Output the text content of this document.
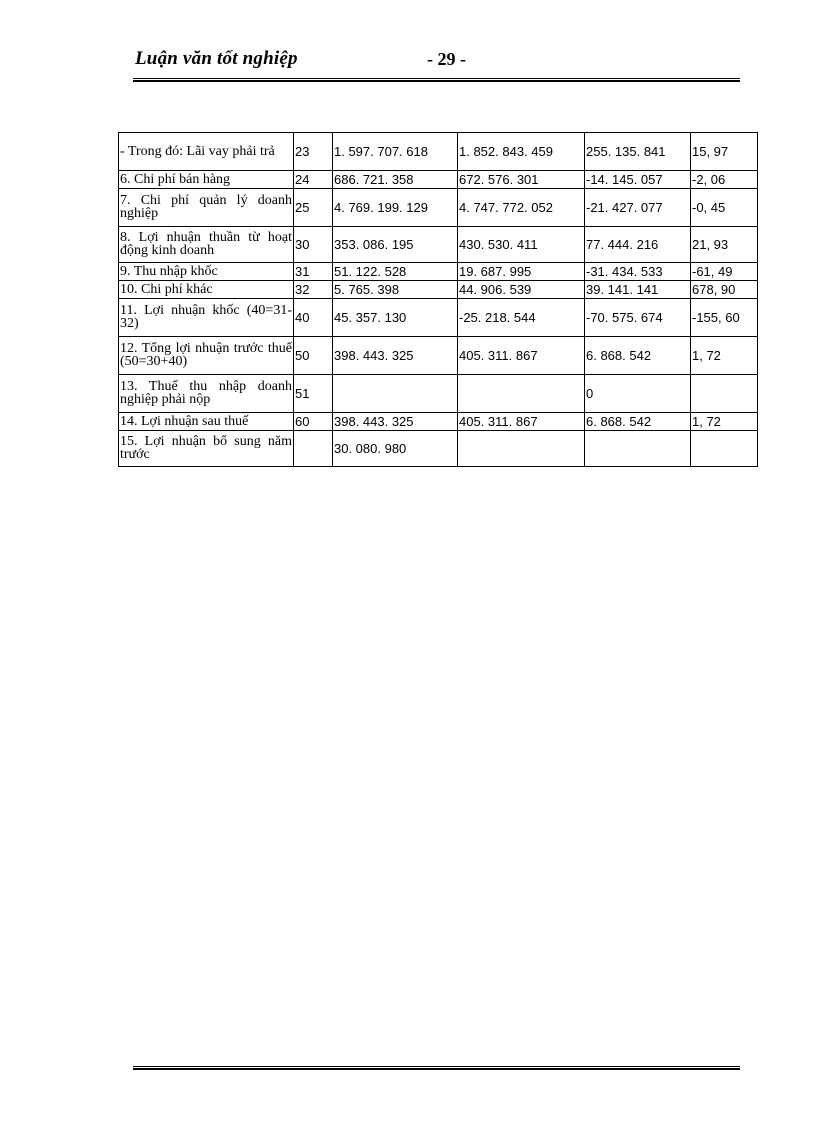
Luận văn tốt nghiệp	- 29 -
- Trong đó: Lãi vay phải trả	23	1. 597. 707. 618	1. 852. 843. 459	255. 135. 841	15, 97
6. Chi phí bán hàng	24	686. 721. 358	672. 576. 301	-14. 145. 057	-2, 06
7. Chi phí quản lý doanh nghiệp	25	4. 769. 199. 129	4. 747. 772. 052	-21. 427. 077	-0, 45
8. Lợi nhuận thuần từ hoạt động kinh doanh	30	353. 086. 195	430. 530. 411	77. 444. 216	21, 93
9. Thu nhập khốc	31	51. 122. 528	19. 687. 995	-31. 434. 533	-61, 49
10. Chi phí khác	32	5. 765. 398	44. 906. 539	39. 141. 141	678, 90
11. Lợi nhuận khốc (40=31-32)	40	45. 357. 130	-25. 218. 544	-70. 575. 674	-155, 60
12. Tổng lợi nhuận trước thuế (50=30+40)	50	398. 443. 325	405. 311. 867	6. 868. 542	1, 72
13. Thuế thu nhập doanh nghiệp phải nộp	51			0	
14. Lợi nhuận sau thuế	60	398. 443. 325	405. 311. 867	6. 868. 542	1, 72
15. Lợi nhuận bổ sung năm trước		30. 080. 980			
